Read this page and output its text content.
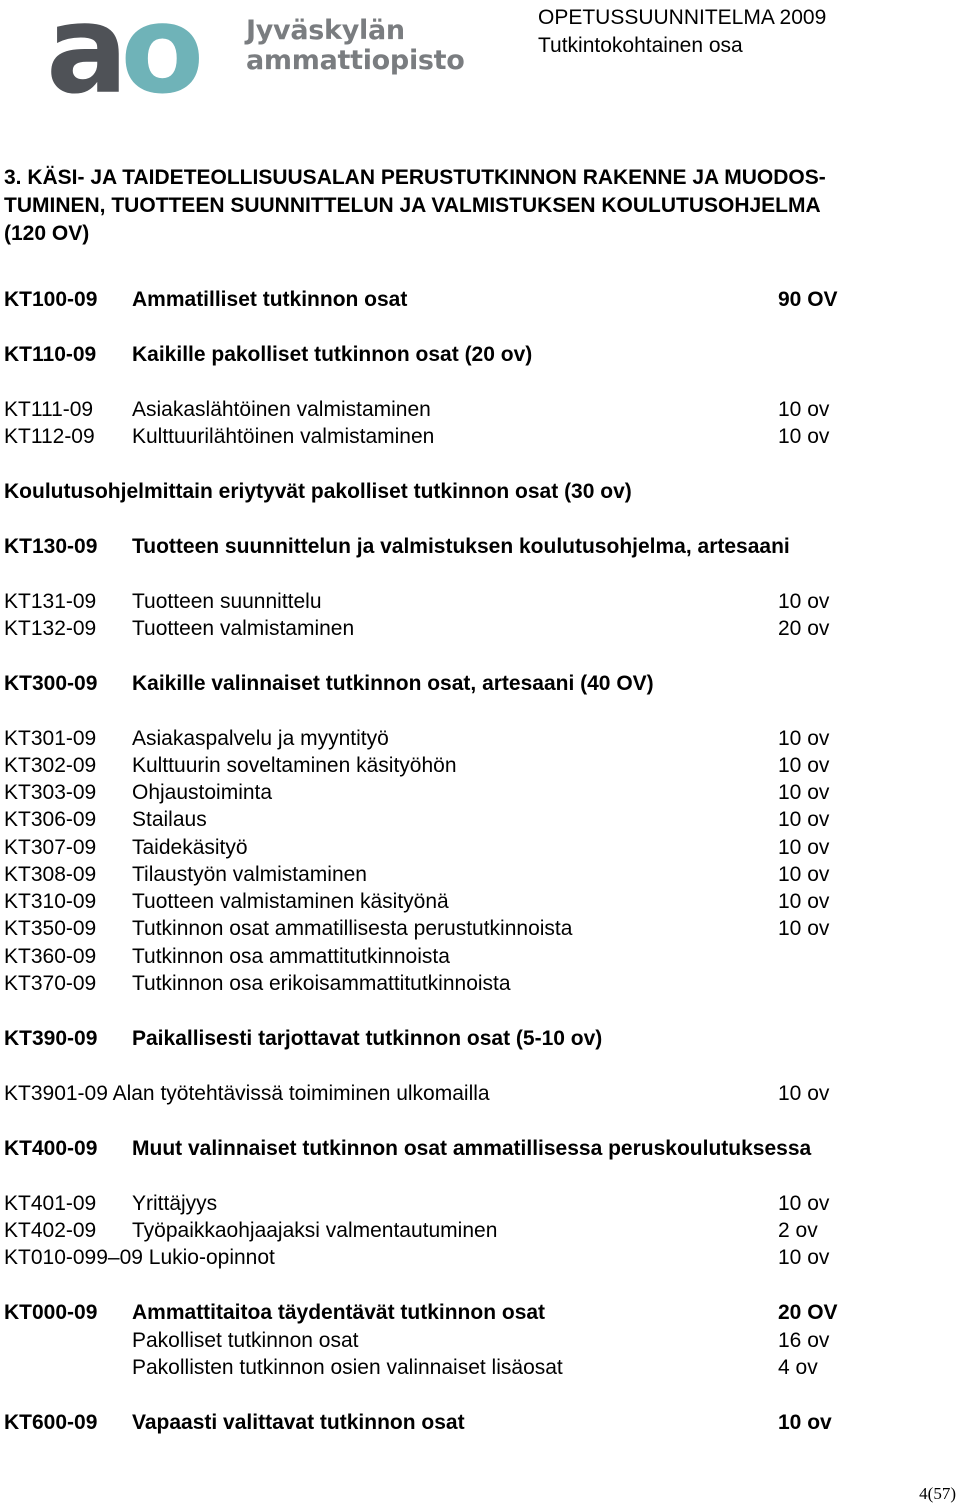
ao Jyväskylän
ammattiopisto
OPETUSSUUNNITELMA 2009
Tutkintokohtainen osa
3. KÄSI- JA TAIDETEOLLISUUSALAN PERUSTUTKINNON RAKENNE JA MUODOS-
TUMINEN, TUOTTEEN SUUNNITTELUN JA VALMISTUKSEN KOULUTUSOHJELMA
(120 OV)
KT100-09 Ammatilliset tutkinnon osat	90 OV
KT110-09 Kaikille pakolliset tutkinnon osat (20 ov)
KT111-09 Asiakaslähtöinen valmistaminen	10 ov
KT112-09 Kulttuurilähtöinen valmistaminen	10 ov
Koulutusohjelmittain eriytyvät pakolliset tutkinnon osat (30 ov)
KT130-09 Tuotteen suunnittelun ja valmistuksen koulutusohjelma, artesaani
KT131-09 Tuotteen suunnittelu	10 ov
KT132-09 Tuotteen valmistaminen	20 ov
KT300-09 Kaikille valinnaiset tutkinnon osat, artesaani (40 OV)
KT301-09 Asiakaspalvelu ja myyntityö	10 ov
KT302-09 Kulttuurin soveltaminen käsityöhön	10 ov
KT303-09 Ohjaustoiminta	10 ov
KT306-09 Stailaus	10 ov
KT307-09 Taidekäsityö	10 ov
KT308-09 Tilaustyön valmistaminen	10 ov
KT310-09 Tuotteen valmistaminen käsityönä	10 ov
KT350-09 Tutkinnon osat ammatillisesta perustutkinnoista	10 ov
KT360-09 Tutkinnon osa ammattitutkinnoista
KT370-09 Tutkinnon osa erikoisammattitutkinnoista
KT390-09 Paikallisesti tarjottavat tutkinnon osat (5-10 ov)
KT3901-09 Alan työtehtävissä toimiminen ulkomailla	10 ov
KT400-09 Muut valinnaiset tutkinnon osat ammatillisessa peruskoulutuksessa
KT401-09 Yrittäjyys	10 ov
KT402-09 Työpaikkaohjaajaksi valmentautuminen	2 ov
KT010-099–09 Lukio-opinnot	10 ov
KT000-09 Ammattitaitoa täydentävät tutkinnon osat	20 OV
Pakolliset tutkinnon osat	16 ov
Pakollisten tutkinnon osien valinnaiset lisäosat	4 ov
KT600-09 Vapaasti valittavat tutkinnon osat	10 ov
4(57)
